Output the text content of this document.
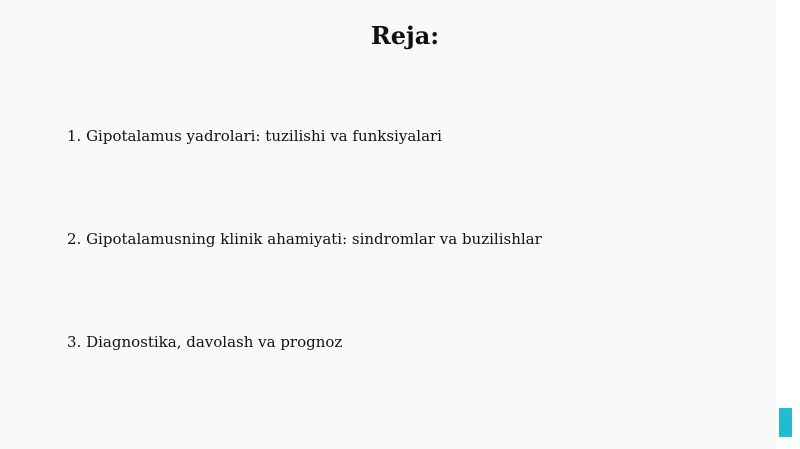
Reja:
1. Gipotalamus yadrolari: tuzilishi va funksiyalari
2. Gipotalamusning klinik ahamiyati: sindromlar va buzilishlar
3. Diagnostika, davolash va prognoz
